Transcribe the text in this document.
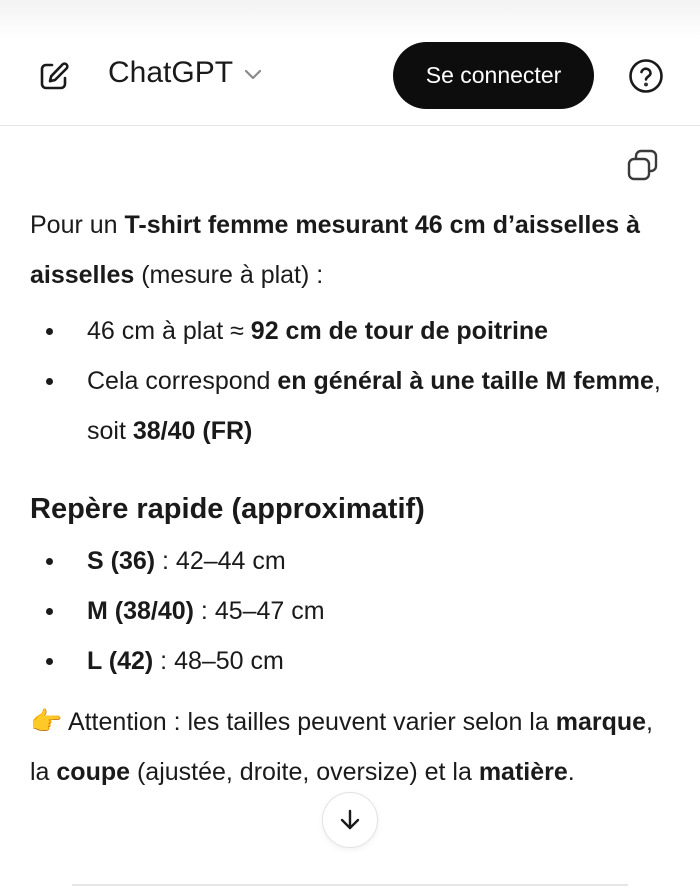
ChatGPT	Se connecter

Pour un T-shirt femme mesurant 46 cm d’aisselles à aisselles (mesure à plat) :

46 cm à plat ≈ 92 cm de tour de poitrine
Cela correspond en général à une taille M femme, soit 38/40 (FR)
Repère rapide (approximatif)
S (36) : 42–44 cm
M (38/40) : 45–47 cm
L (42) : 48–50 cm

👉 Attention : les tailles peuvent varier selon la marque, la coupe (ajustée, droite, oversize) et la matière.
